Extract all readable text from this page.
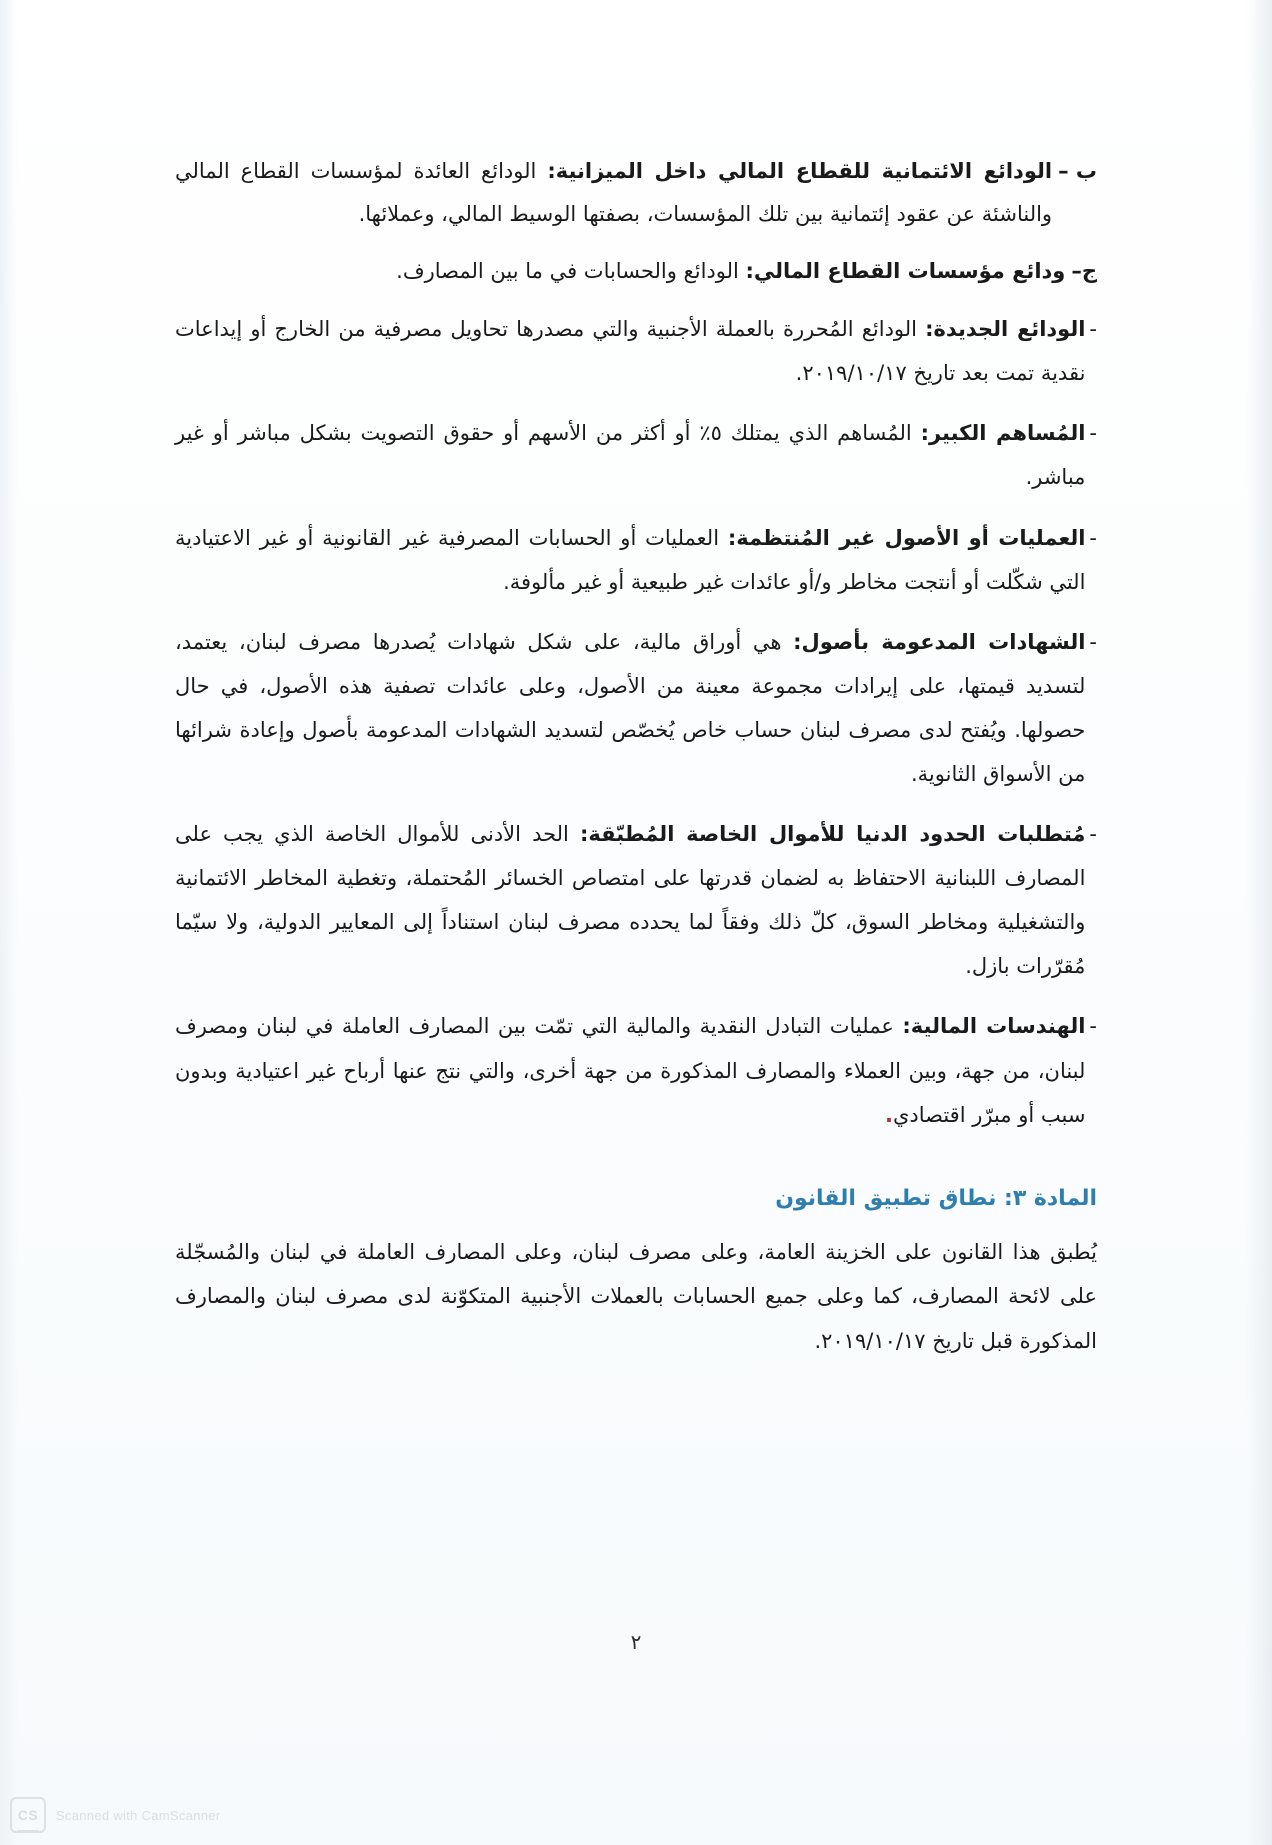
ب –
الودائع الائتمانية للقطاع المالي داخل الميزانية: الودائع العائدة لمؤسسات القطاع المالي والناشئة عن عقود إئتمانية بين تلك المؤسسات، بصفتها الوسيط المالي، وعملائها.
ج–
ودائع مؤسسات القطاع المالي: الودائع والحسابات في ما بين المصارف.
-
الودائع الجديدة: الودائع المُحررة بالعملة الأجنبية والتي مصدرها تحاويل مصرفية من الخارج أو إيداعات نقدية تمت بعد تاريخ ٢٠١٩/١٠/١٧.
-
المُساهم الكبير: المُساهم الذي يمتلك ٥٪ أو أكثر من الأسهم أو حقوق التصويت بشكل مباشر أو غير مباشر.
-
العمليات أو الأصول غير المُنتظمة: العمليات أو الحسابات المصرفية غير القانونية أو غير الاعتيادية التي شكّلت أو أنتجت مخاطر و/أو عائدات غير طبيعية أو غير مألوفة.
-
الشهادات المدعومة بأصول: هي أوراق مالية، على شكل شهادات يُصدرها مصرف لبنان، يعتمد، لتسديد قيمتها، على إيرادات مجموعة معينة من الأصول، وعلى عائدات تصفية هذه الأصول، في حال حصولها. ويُفتح لدى مصرف لبنان حساب خاص يُخصّص لتسديد الشهادات المدعومة بأصول وإعادة شرائها من الأسواق الثانوية.
-
مُتطلبات الحدود الدنيا للأموال الخاصة المُطبّقة: الحد الأدنى للأموال الخاصة الذي يجب على المصارف اللبنانية الاحتفاظ به لضمان قدرتها على امتصاص الخسائر المُحتملة، وتغطية المخاطر الائتمانية والتشغيلية ومخاطر السوق، كلّ ذلك وفقاً لما يحدده مصرف لبنان استناداً إلى المعايير الدولية، ولا سيّما مُقرّرات بازل.
-
الهندسات المالية: عمليات التبادل النقدية والمالية التي تمّت بين المصارف العاملة في لبنان ومصرف لبنان، من جهة، وبين العملاء والمصارف المذكورة من جهة أخرى، والتي نتج عنها أرباح غير اعتيادية وبدون سبب أو مبرّر اقتصادي.
المادة ٣: نطاق تطبيق القانون
يُطبق هذا القانون على الخزينة العامة، وعلى مصرف لبنان، وعلى المصارف العاملة في لبنان والمُسجّلة على لائحة المصارف، كما وعلى جميع الحسابات بالعملات الأجنبية المتكوّنة لدى مصرف لبنان والمصارف المذكورة قبل تاريخ ٢٠١٩/١٠/١٧.
٢
CS	Scanned with CamScanner
